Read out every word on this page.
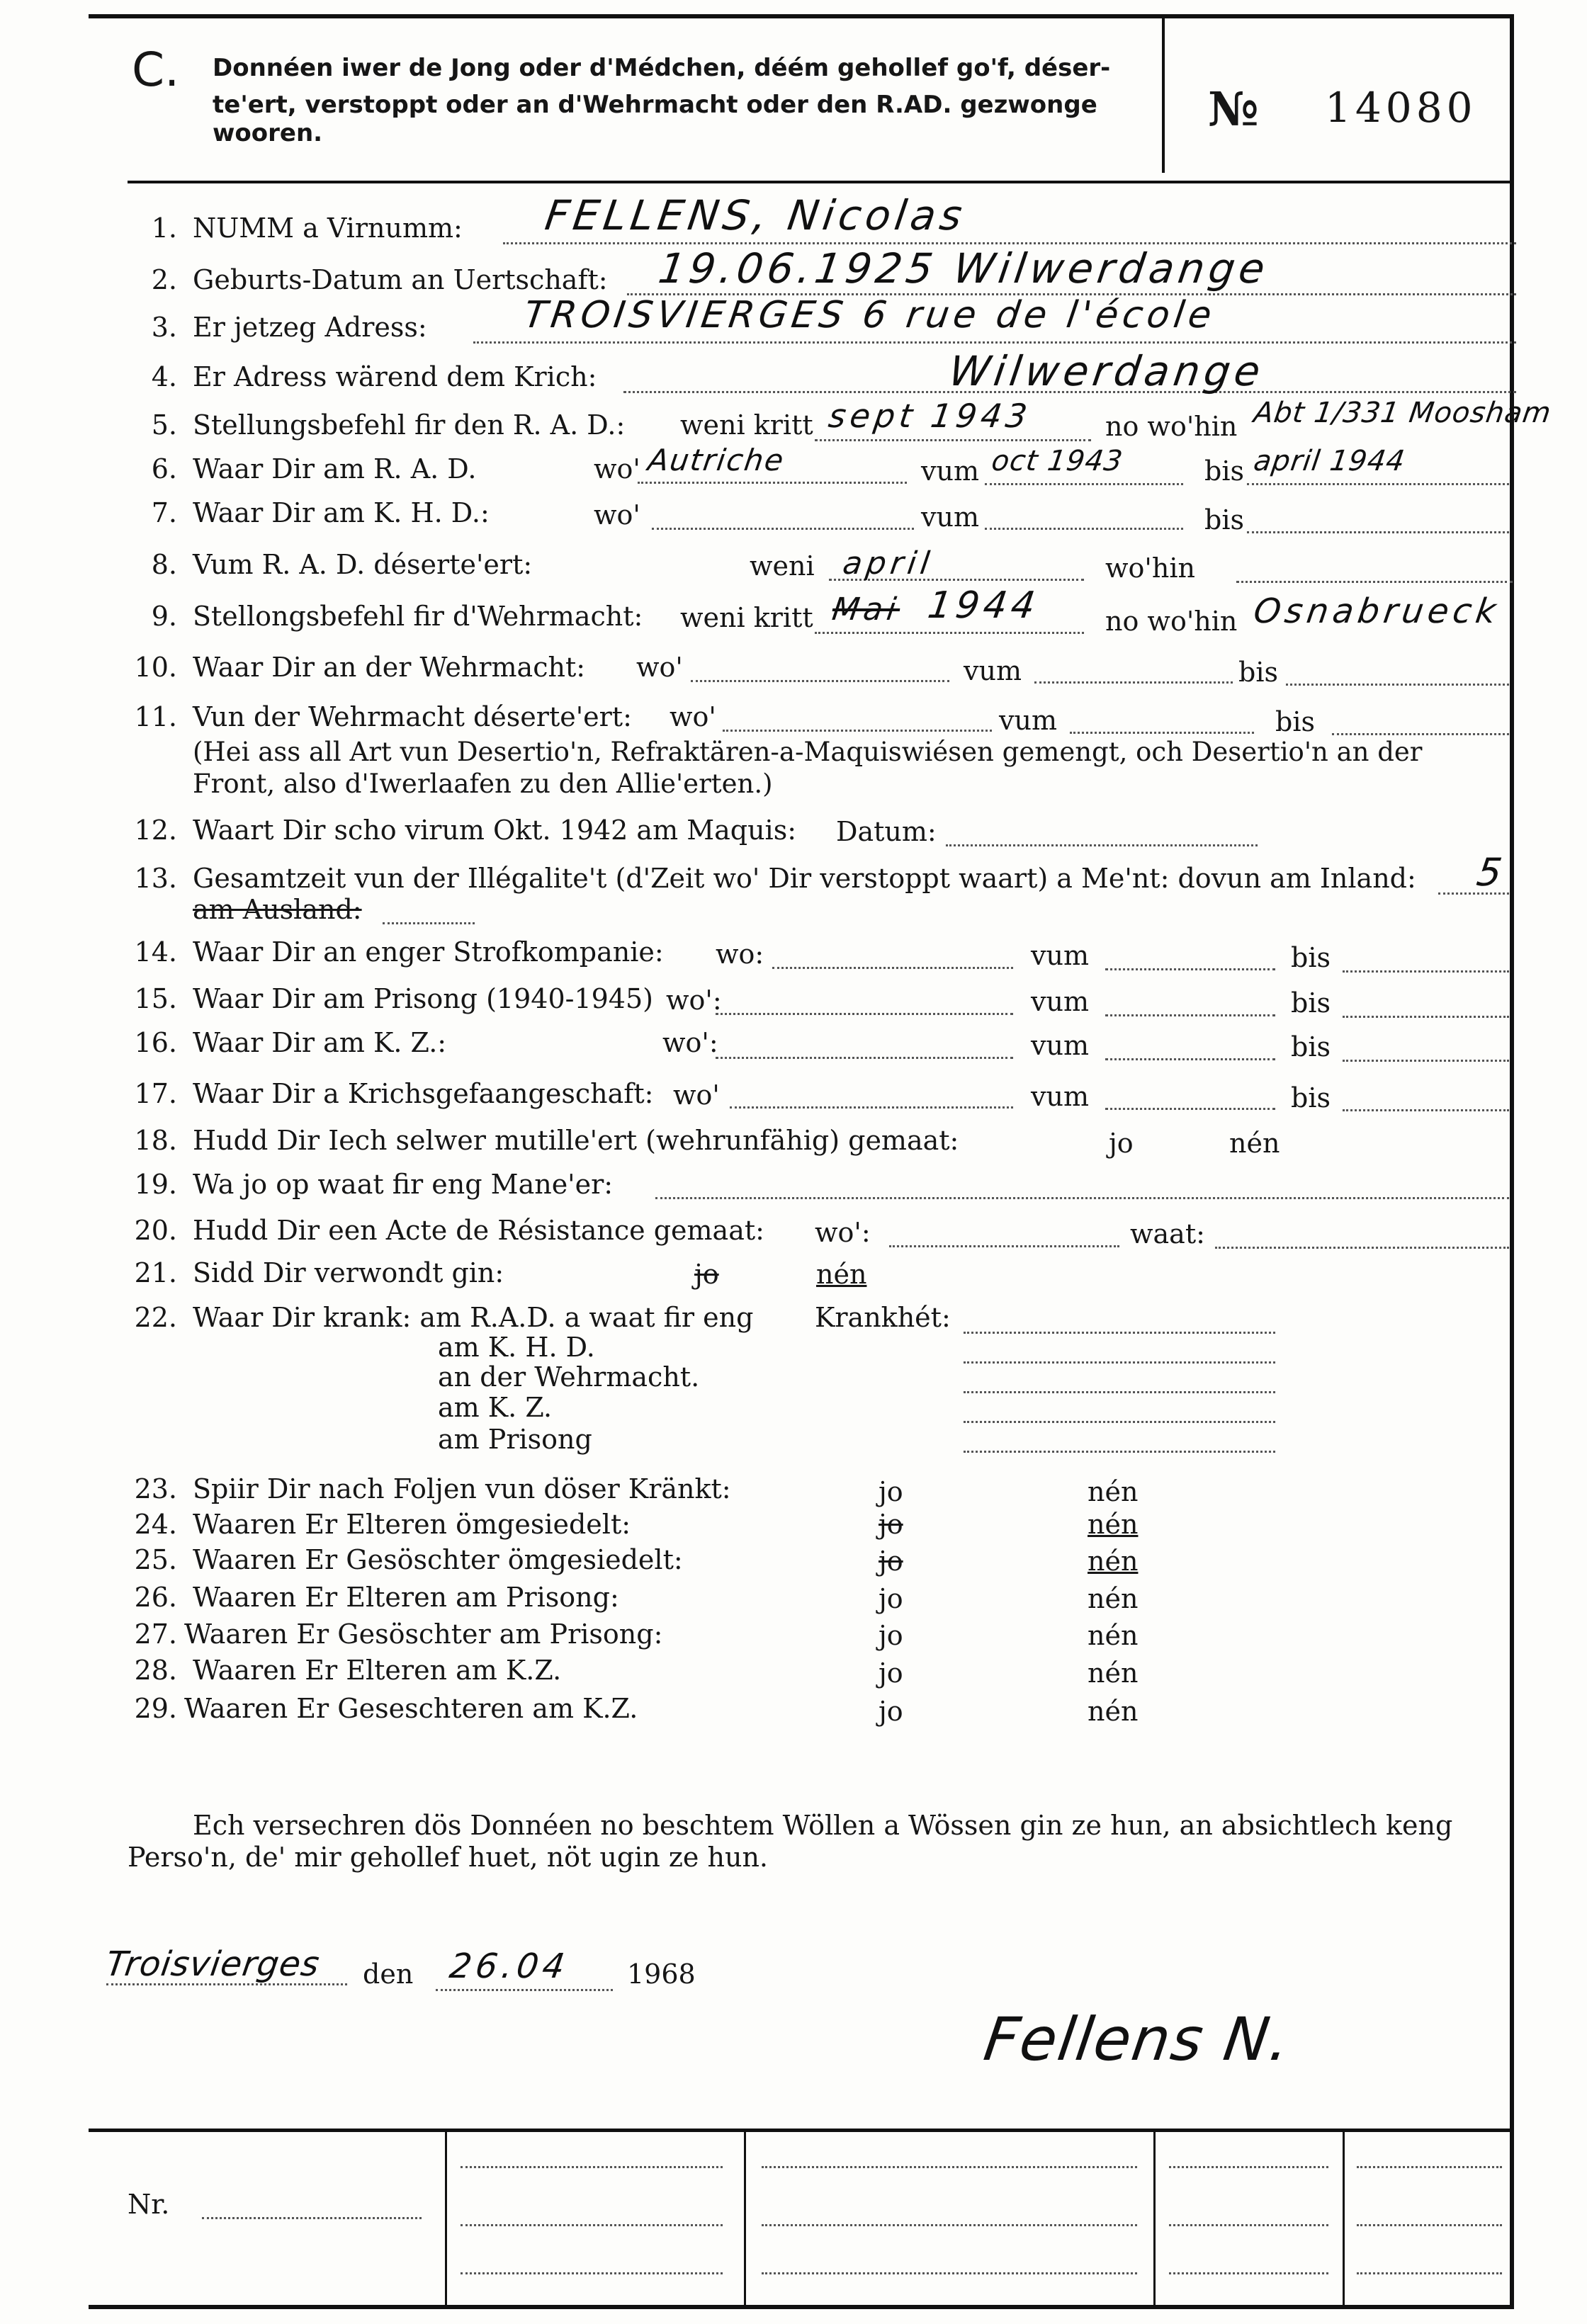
C. Donnéen iwer de Jong oder d'Médchen, déém gehollef go'f, déser-
te'ert, verstoppt oder an d'Wehrmacht oder den R.AD. gezwonge
wooren.	№ 14080
1. NUMM a Virnumm: FELLENS, Nicolas
2. Geburts-Datum an Uertschaft: 19.06.1925 Wilwerdange
3. Er jetzeg Adress:	TROISVIERGES 6 rue de l'école
4. Er Adress wärend dem Krich:	Wilwerdange
5. Stellungsbefehl fir den R. A. D.: weni kritt sept 1943	no wo'hin Abt 1/331 Moosham
6. Waar Dir am R. A. D.	wo' Autriche	vum oct 1943	bis april 1944
7. Waar Dir am K. H. D.:	wo'	vum	bis
8. Vum R. A. D. déserte'ert:	weni april	wo'hin
9. Stellongsbefehl fir d'Wehrmacht: weni kritt Mai 1944 no wo'hin Osnabrueck
10. Waar Dir an der Wehrmacht: wo'	vum	bis
11. Vun der Wehrmacht déserte'ert: wo'	vum	bis
(Hei ass all Art vun Desertio'n, Refraktären-a-Maquiswiésen gemengt, och Desertio'n an der
Front, also d'Iwerlaafen zu den Allie'erten.)
12. Waart Dir scho virum Okt. 1942 am Maquis: Datum:
13. Gesamtzeit vun der Illégalite't (d'Zeit wo' Dir verstoppt waart) a Me'nt: dovun am Inland: 5
am Ausland:
14. Waar Dir an enger Strofkompanie: wo:	vum	bis
15. Waar Dir am Prisong (1940-1945) wo':	vum	bis
16. Waar Dir am K. Z.:	wo':	vum	bis
17. Waar Dir a Krichsgefaangeschaft: wo'	vum	bis
18. Hudd Dir Iech selwer mutille'ert (wehrunfähig) gemaat:	jo	nén
19. Wa jo op waat fir eng Mane'er:
20. Hudd Dir een Acte de Résistance gemaat: wo':	waat:
21. Sidd Dir verwondt gin:	jo	nén
22. Waar Dir krank: am R.A.D. a waat fir eng Krankhét:
am K. H. D.
an der Wehrmacht.
am K. Z.
am Prisong
23. Spiir Dir nach Foljen vun döser Kränkt:	jo	nén
24. Waaren Er Elteren ömgesiedelt:	jo	nén
25. Waaren Er Gesöschter ömgesiedelt:	jo	nén
26. Waaren Er Elteren am Prisong:	jo	nén
27. Waaren Er Gesöschter am Prisong:	jo	nén
28. Waaren Er Elteren am K.Z.	jo	nén
29. Waaren Er Geseschteren am K.Z.	jo	nén
Ech versechren dös Donnéen no beschtem Wöllen a Wössen gin ze hun, an absichtlech keng
Perso'n, de' mir gehollef huet, nöt ugin ze hun.
Troisvierges den 26.04 1968
Fellens N.
Nr.
